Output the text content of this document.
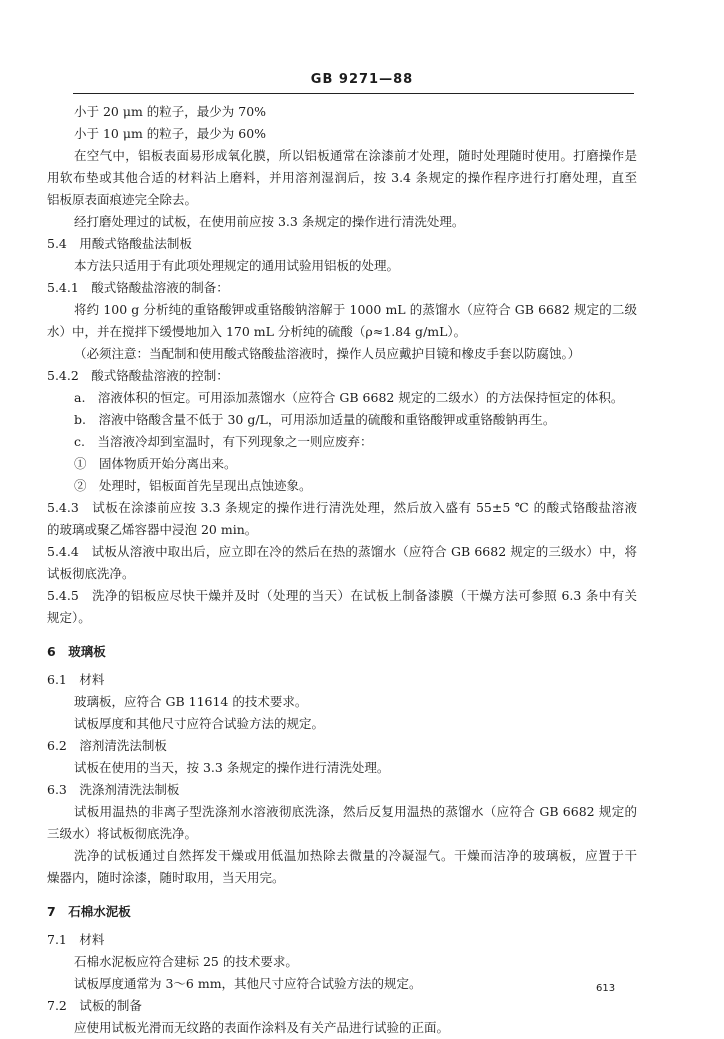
GB 9271—88
小于 20 μm 的粒子，最少为 70%
小于 10 μm 的粒子，最少为 60%
在空气中，铝板表面易形成氧化膜，所以铝板通常在涂漆前才处理，随时处理随时使用。打磨操作是
用软布垫或其他合适的材料沾上磨料，并用溶剂湿润后，按 3.4 条规定的操作程序进行打磨处理，直至
铝板原表面痕迹完全除去。
经打磨处理过的试板，在使用前应按 3.3 条规定的操作进行清洗处理。
5.4　用酸式铬酸盐法制板
本方法只适用于有此项处理规定的通用试验用铝板的处理。
5.4.1　酸式铬酸盐溶液的制备：
将约 100 g 分析纯的重铬酸钾或重铬酸钠溶解于 1000 mL 的蒸馏水（应符合 GB 6682 规定的二级
水）中，并在搅拌下缓慢地加入 170 mL 分析纯的硫酸（ρ≈1.84 g/mL）。
（必须注意：当配制和使用酸式铬酸盐溶液时，操作人员应戴护目镜和橡皮手套以防腐蚀。）
5.4.2　酸式铬酸盐溶液的控制：
a.　溶液体积的恒定。可用添加蒸馏水（应符合 GB 6682 规定的二级水）的方法保持恒定的体积。
b.　溶液中铬酸含量不低于 30 g/L，可用添加适量的硫酸和重铬酸钾或重铬酸钠再生。
c.　当溶液冷却到室温时，有下列现象之一则应废弃：
①　固体物质开始分离出来。
②　处理时，铝板面首先呈现出点蚀迹象。
5.4.3　试板在涂漆前应按 3.3 条规定的操作进行清洗处理，然后放入盛有 55±5 ℃ 的酸式铬酸盐溶液
的玻璃或聚乙烯容器中浸泡 20 min。
5.4.4　试板从溶液中取出后，应立即在冷的然后在热的蒸馏水（应符合 GB 6682 规定的三级水）中，将
试板彻底洗净。
5.4.5　洗净的铝板应尽快干燥并及时（处理的当天）在试板上制备漆膜（干燥方法可参照 6.3 条中有关
规定）。
6　玻璃板
6.1　材料
玻璃板，应符合 GB 11614 的技术要求。
试板厚度和其他尺寸应符合试验方法的规定。
6.2　溶剂清洗法制板
试板在使用的当天，按 3.3 条规定的操作进行清洗处理。
6.3　洗涤剂清洗法制板
试板用温热的非离子型洗涤剂水溶液彻底洗涤，然后反复用温热的蒸馏水（应符合 GB 6682 规定的
三级水）将试板彻底洗净。
洗净的试板通过自然挥发干燥或用低温加热除去微量的冷凝湿气。干燥而洁净的玻璃板，应置于干
燥器内，随时涂漆，随时取用，当天用完。
7　石棉水泥板
7.1　材料
石棉水泥板应符合建标 25 的技术要求。
试板厚度通常为 3～6 mm，其他尺寸应符合试验方法的规定。
7.2　试板的制备
应使用试板光滑而无纹路的表面作涂料及有关产品进行试验的正面。
613
